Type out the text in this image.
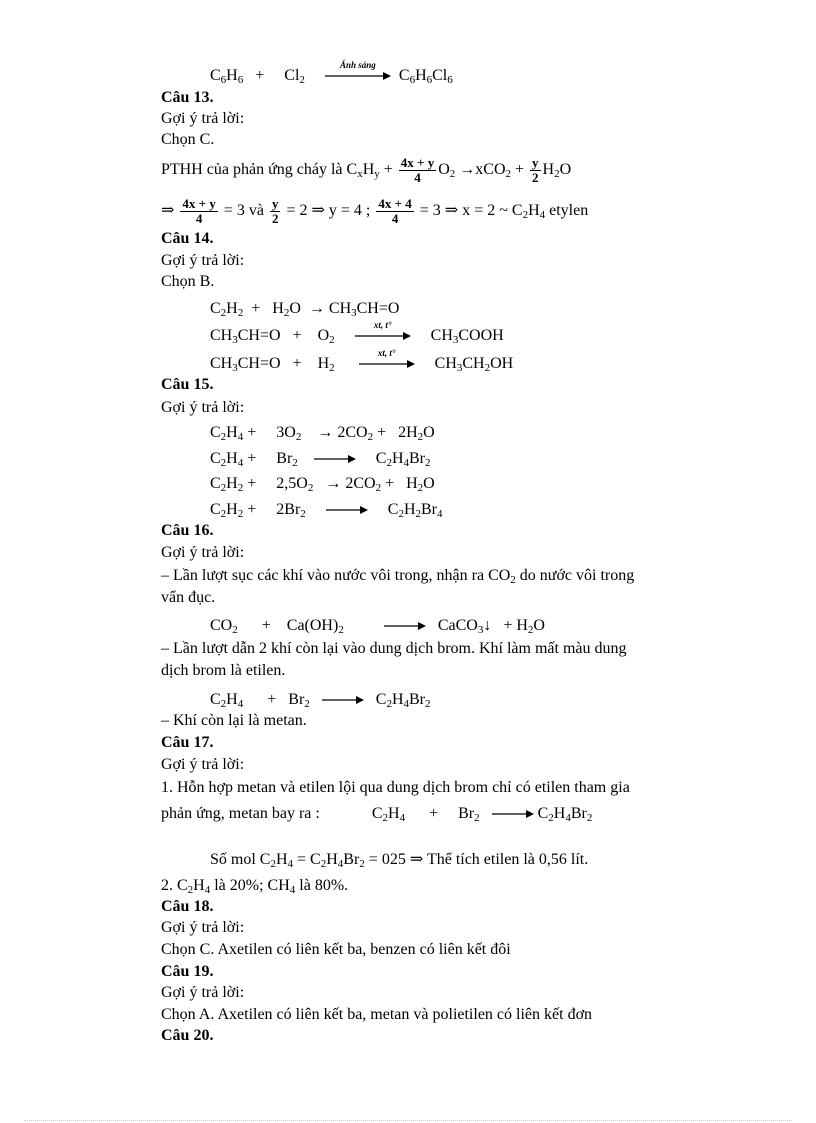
$C_6H_6 + Cl_2$
Ánh sáng
$C_6H_6Cl_6$
Câu 13.
Gợi ý trả lời:
Chọn C.
PTHH của phản ứng cháy là $C_xH_y + \frac{4x + y}{4} O_2 \to xCO_2 + \frac{y}{2} H_2O$
⇒ $\frac{4x + y}{4} = 3$ và $\frac{y}{2} = 2$ ⇒ y = 4 ; $\frac{4x + 4}{4} = 3$ ⇒ x = 2 ~ $C_2H_4$ etylen
Câu 14.
Gợi ý trả lời:
Chọn B.
$C_2H_2 + H_2O \to CH_3CH=O$
$CH_3CH=O + O_2$
xt, t°
$CH_3COOH$
$CH_3CH=O + H_2$
xt, t°
$CH_3CH_2OH$
Câu 15.
Gợi ý trả lời:
$C_2H_4 + 3O_2 \to 2CO_2 + 2H_2O$
$C_2H_4 + Br_2 \to C_2H_4Br_2$
$C_2H_2 + 2,5O_2 \to 2CO_2 + H_2O$
$C_2H_2 + 2Br_2 \to C_2H_2Br_4$
Câu 16.
Gợi ý trả lời:
– Lần lượt sục các khí vào nước vôi trong, nhận ra $CO_2$ do nước vôi trong
vẩn đục.
$CO_2 + Ca(OH)_2$	→ CaCO$_3$↓ + $H_2O$
– Lần lượt dẫn 2 khí còn lại vào dung dịch brom. Khí làm mất màu dung
dịch brom là etilen.
$C_2H_4 + Br_2 \to C_2H_4Br_2$
– Khí còn lại là metan.
Câu 17.
Gợi ý trả lời:
1. Hỗn hợp metan và etilen lội qua dung dịch brom chỉ có etilen tham gia
phản ứng, metan bay ra :	$C_2H_4 + Br_2 \to C_2H_4Br_2$
Số mol $C_2H_4 = C_2H_4Br_2 = 025$ ⇒ Thể tích etilen là 0,56 lít.
2. $C_2H_4$ là 20%; $CH_4$ là 80%.
Câu 18.
Gợi ý trả lời:
Chọn C. Axetilen có liên kết ba, benzen có liên kết đôi
Câu 19.
Gợi ý trả lời:
Chọn A. Axetilen có liên kết ba, metan và polietilen có liên kết đơn
Câu 20.
